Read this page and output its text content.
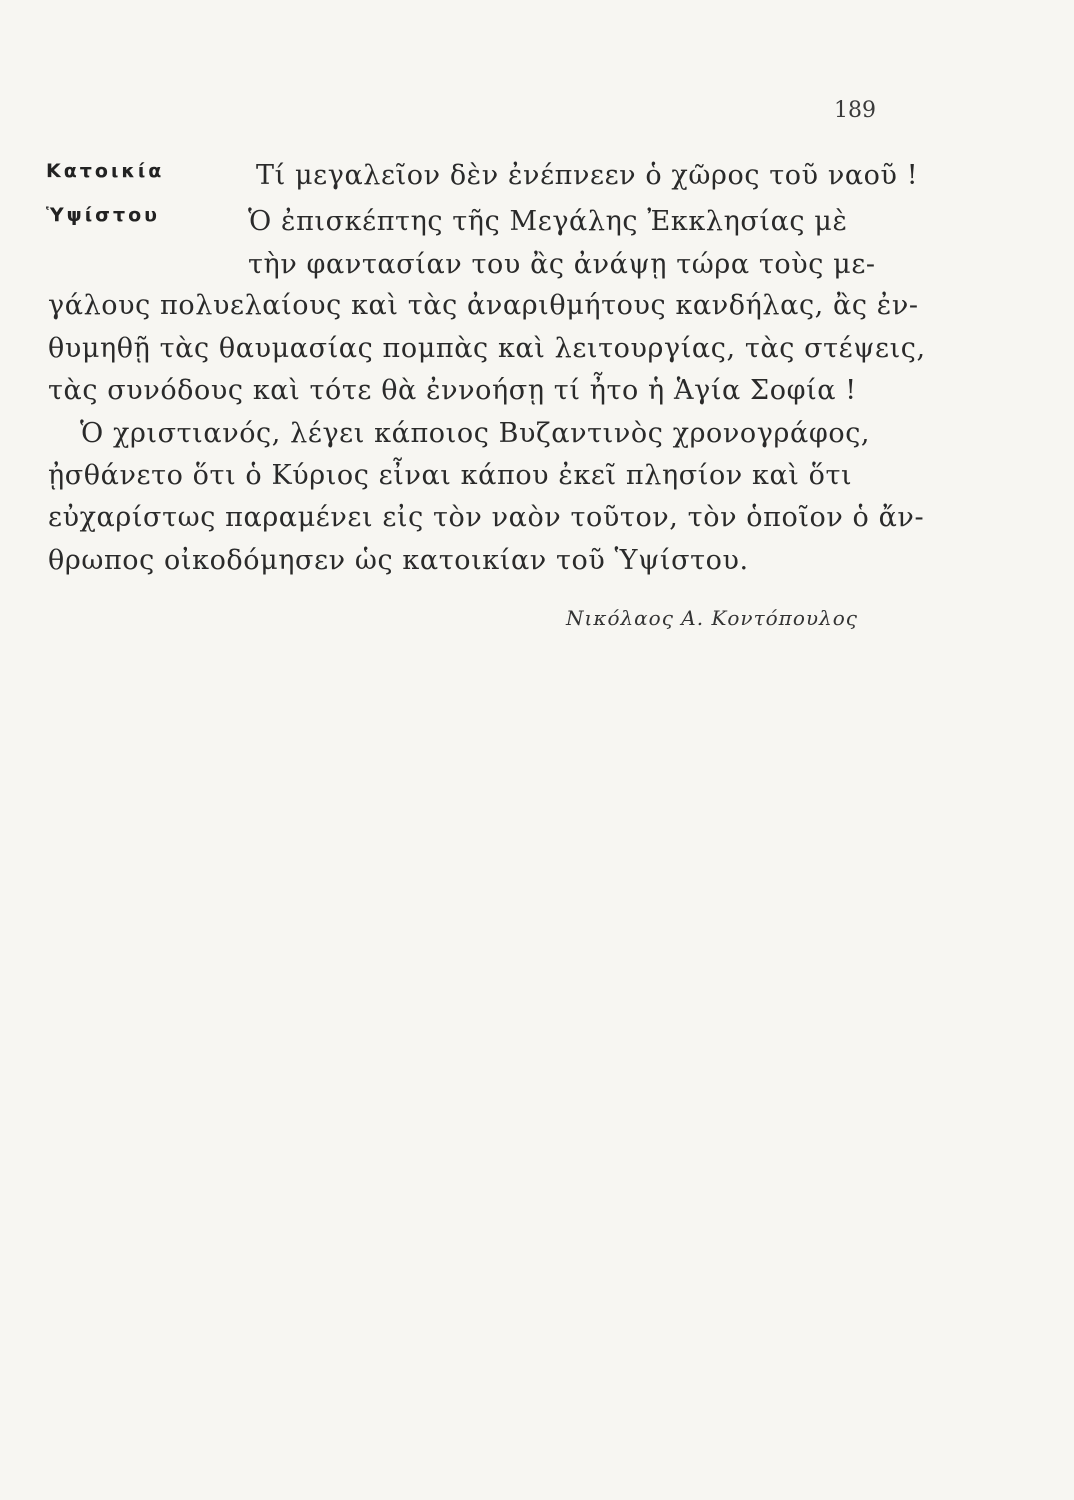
189
Κατοικία
Ὑψίστου
Τί μεγαλεῖον δὲν ἐνέπνεεν ὁ χῶρος τοῦ ναοῦ !
Ὁ ἐπισκέπτης τῆς Μεγάλης Ἐκκλησίας μὲ
τὴν φαντασίαν του ἂς ἀνάψῃ τώρα τοὺς με-
γάλους πολυελαίους καὶ τὰς ἀναριθμήτους κανδήλας, ἂς ἐν-
θυμηθῇ τὰς θαυμασίας πομπὰς καὶ λειτουργίας, τὰς στέψεις,
τὰς συνόδους καὶ τότε θὰ ἐννοήσῃ τί ἦτο ἡ Ἁγία Σοφία !
Ὁ χριστιανός, λέγει κάποιος Βυζαντινὸς χρονογράφος,
ᾐσθάνετο ὅτι ὁ Κύριος εἶναι κάπου ἐκεῖ πλησίον καὶ ὅτι
εὐχαρίστως παραμένει εἰς τὸν ναὸν τοῦτον, τὸν ὁποῖον ὁ ἄν-
θρωπος οἰκοδόμησεν ὡς κατοικίαν τοῦ Ὑψίστου.
Νικόλαος Α. Κοντόπουλος
